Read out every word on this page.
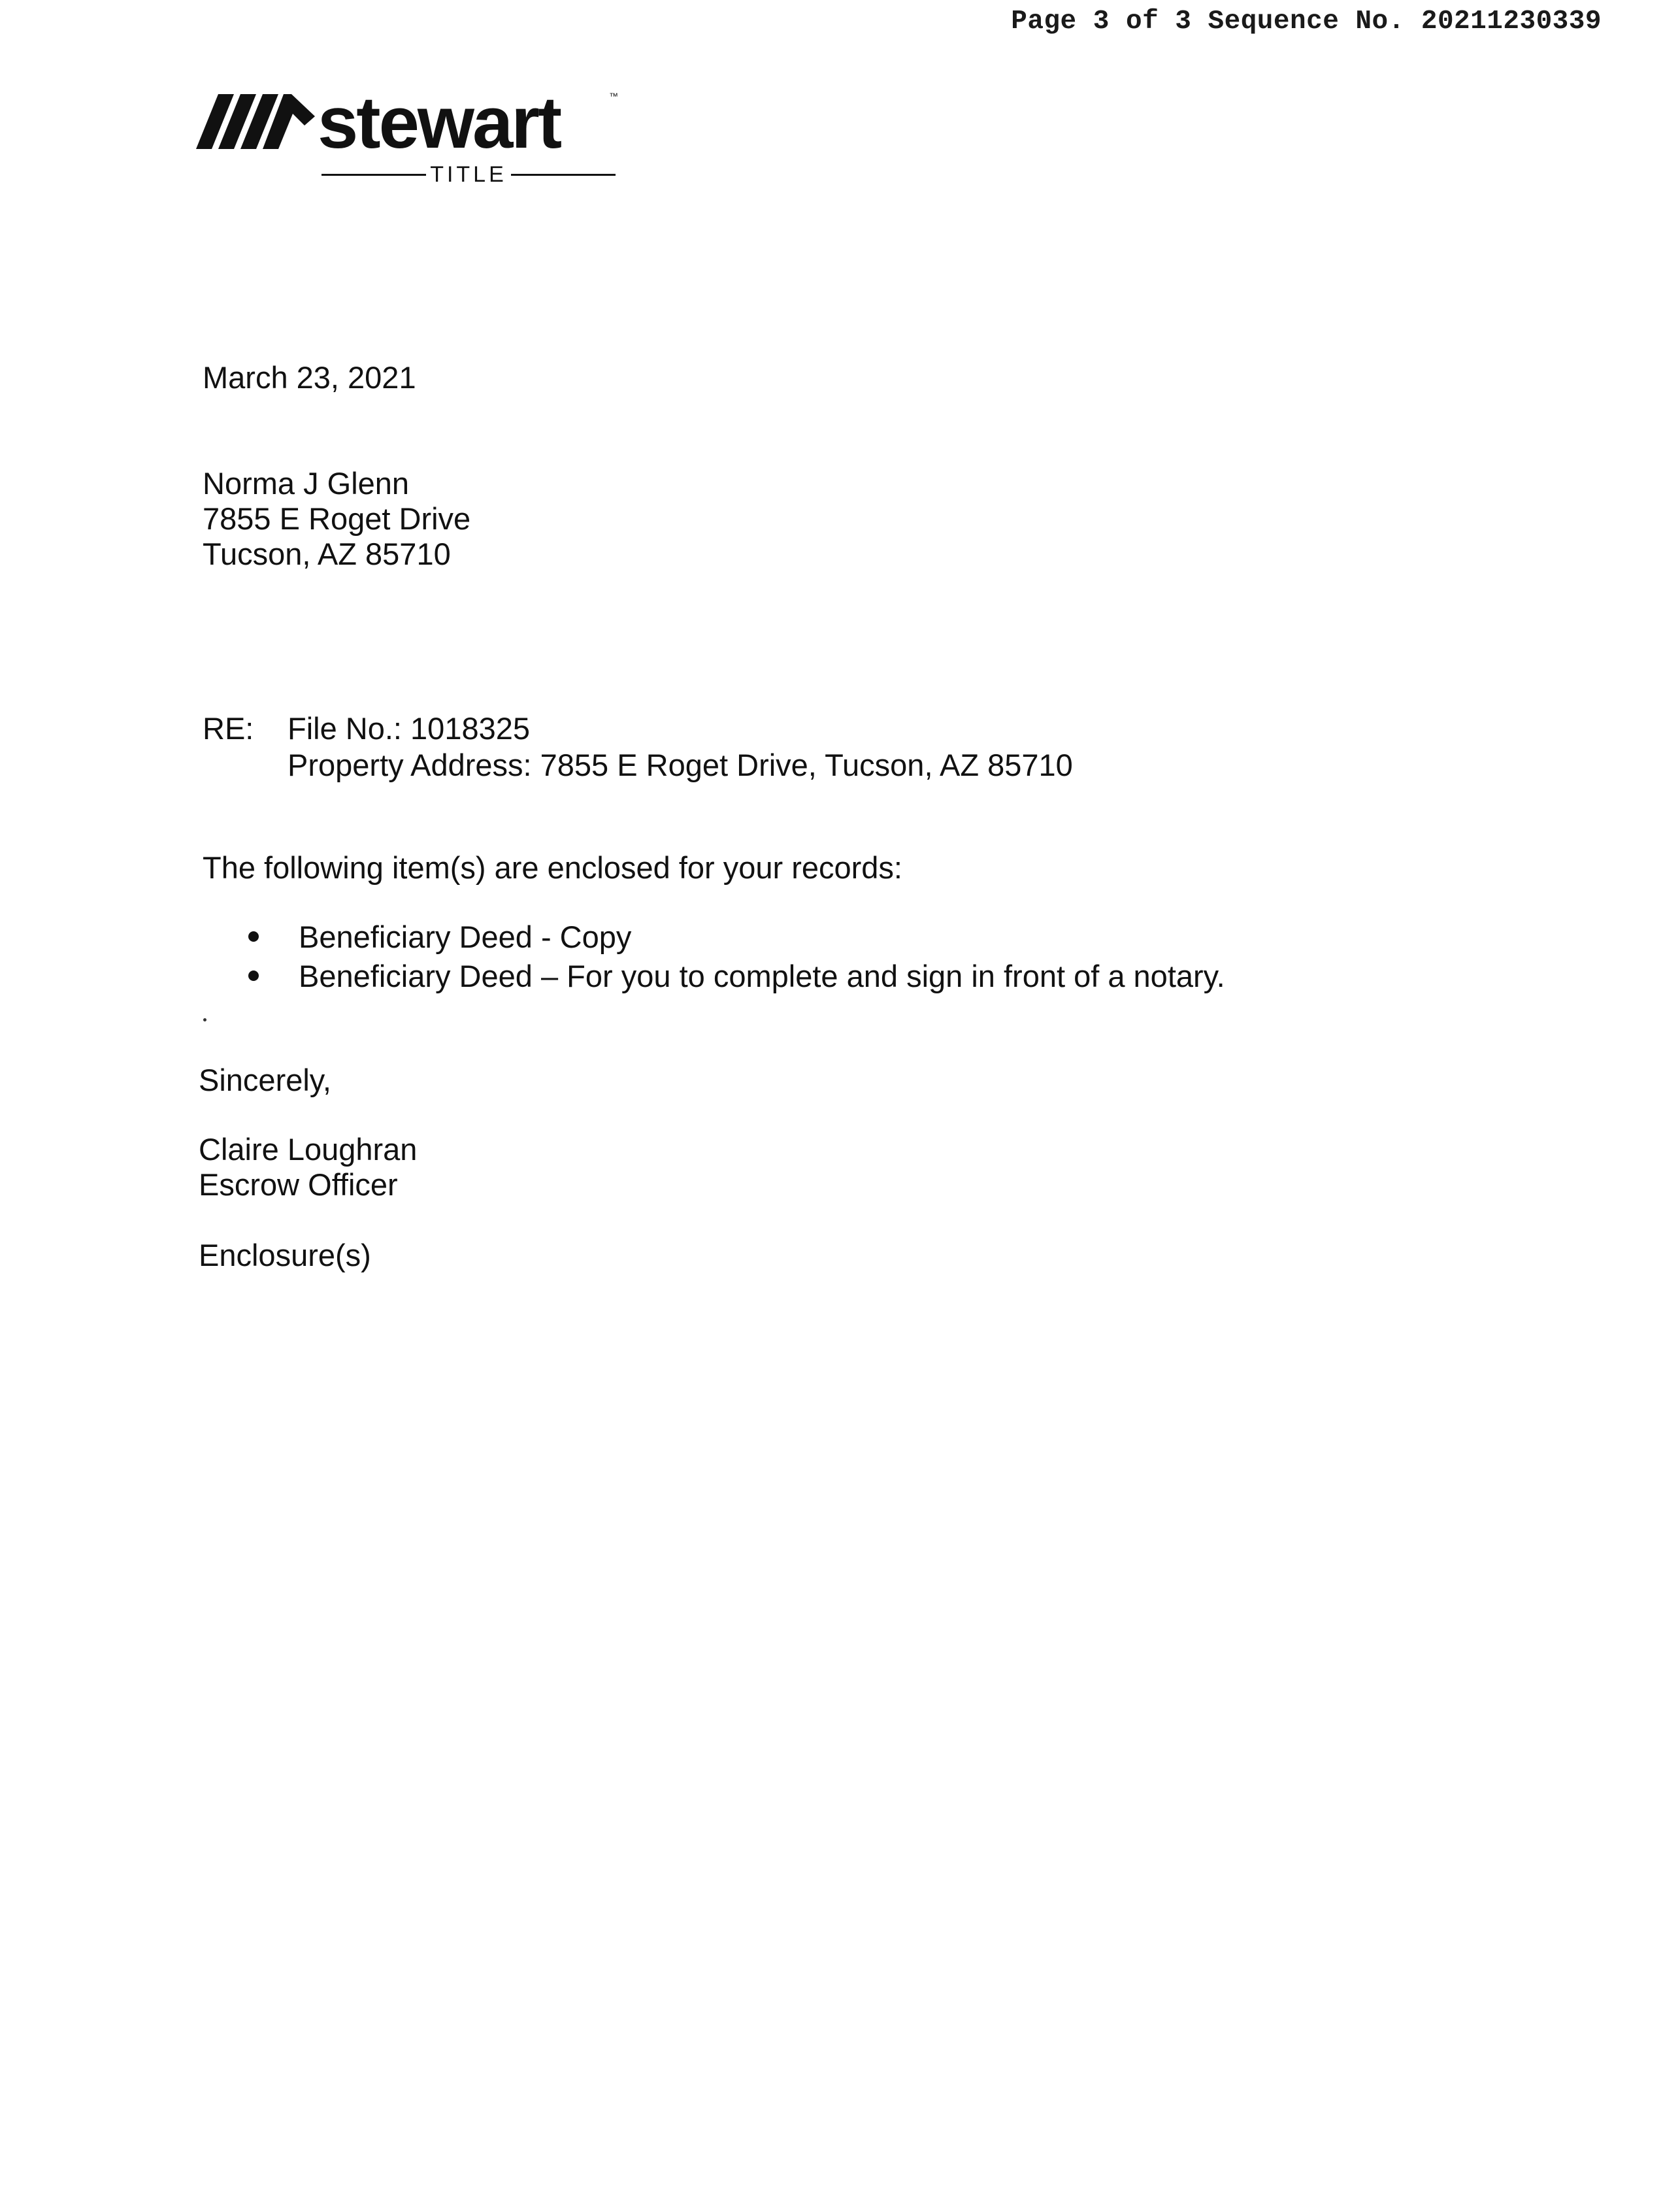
Page 3 of 3 Sequence No. 20211230339
stewart	™
TITLE
March 23, 2021
Norma J Glenn
7855 E Roget Drive
Tucson, AZ 85710
RE: File No.: 1018325
Property Address: 7855 E Roget Drive, Tucson, AZ 85710
The following item(s) are enclosed for your records:
Beneficiary Deed - Copy
Beneficiary Deed – For you to complete and sign in front of a notary.
Sincerely,
Claire Loughran
Escrow Officer
Enclosure(s)
